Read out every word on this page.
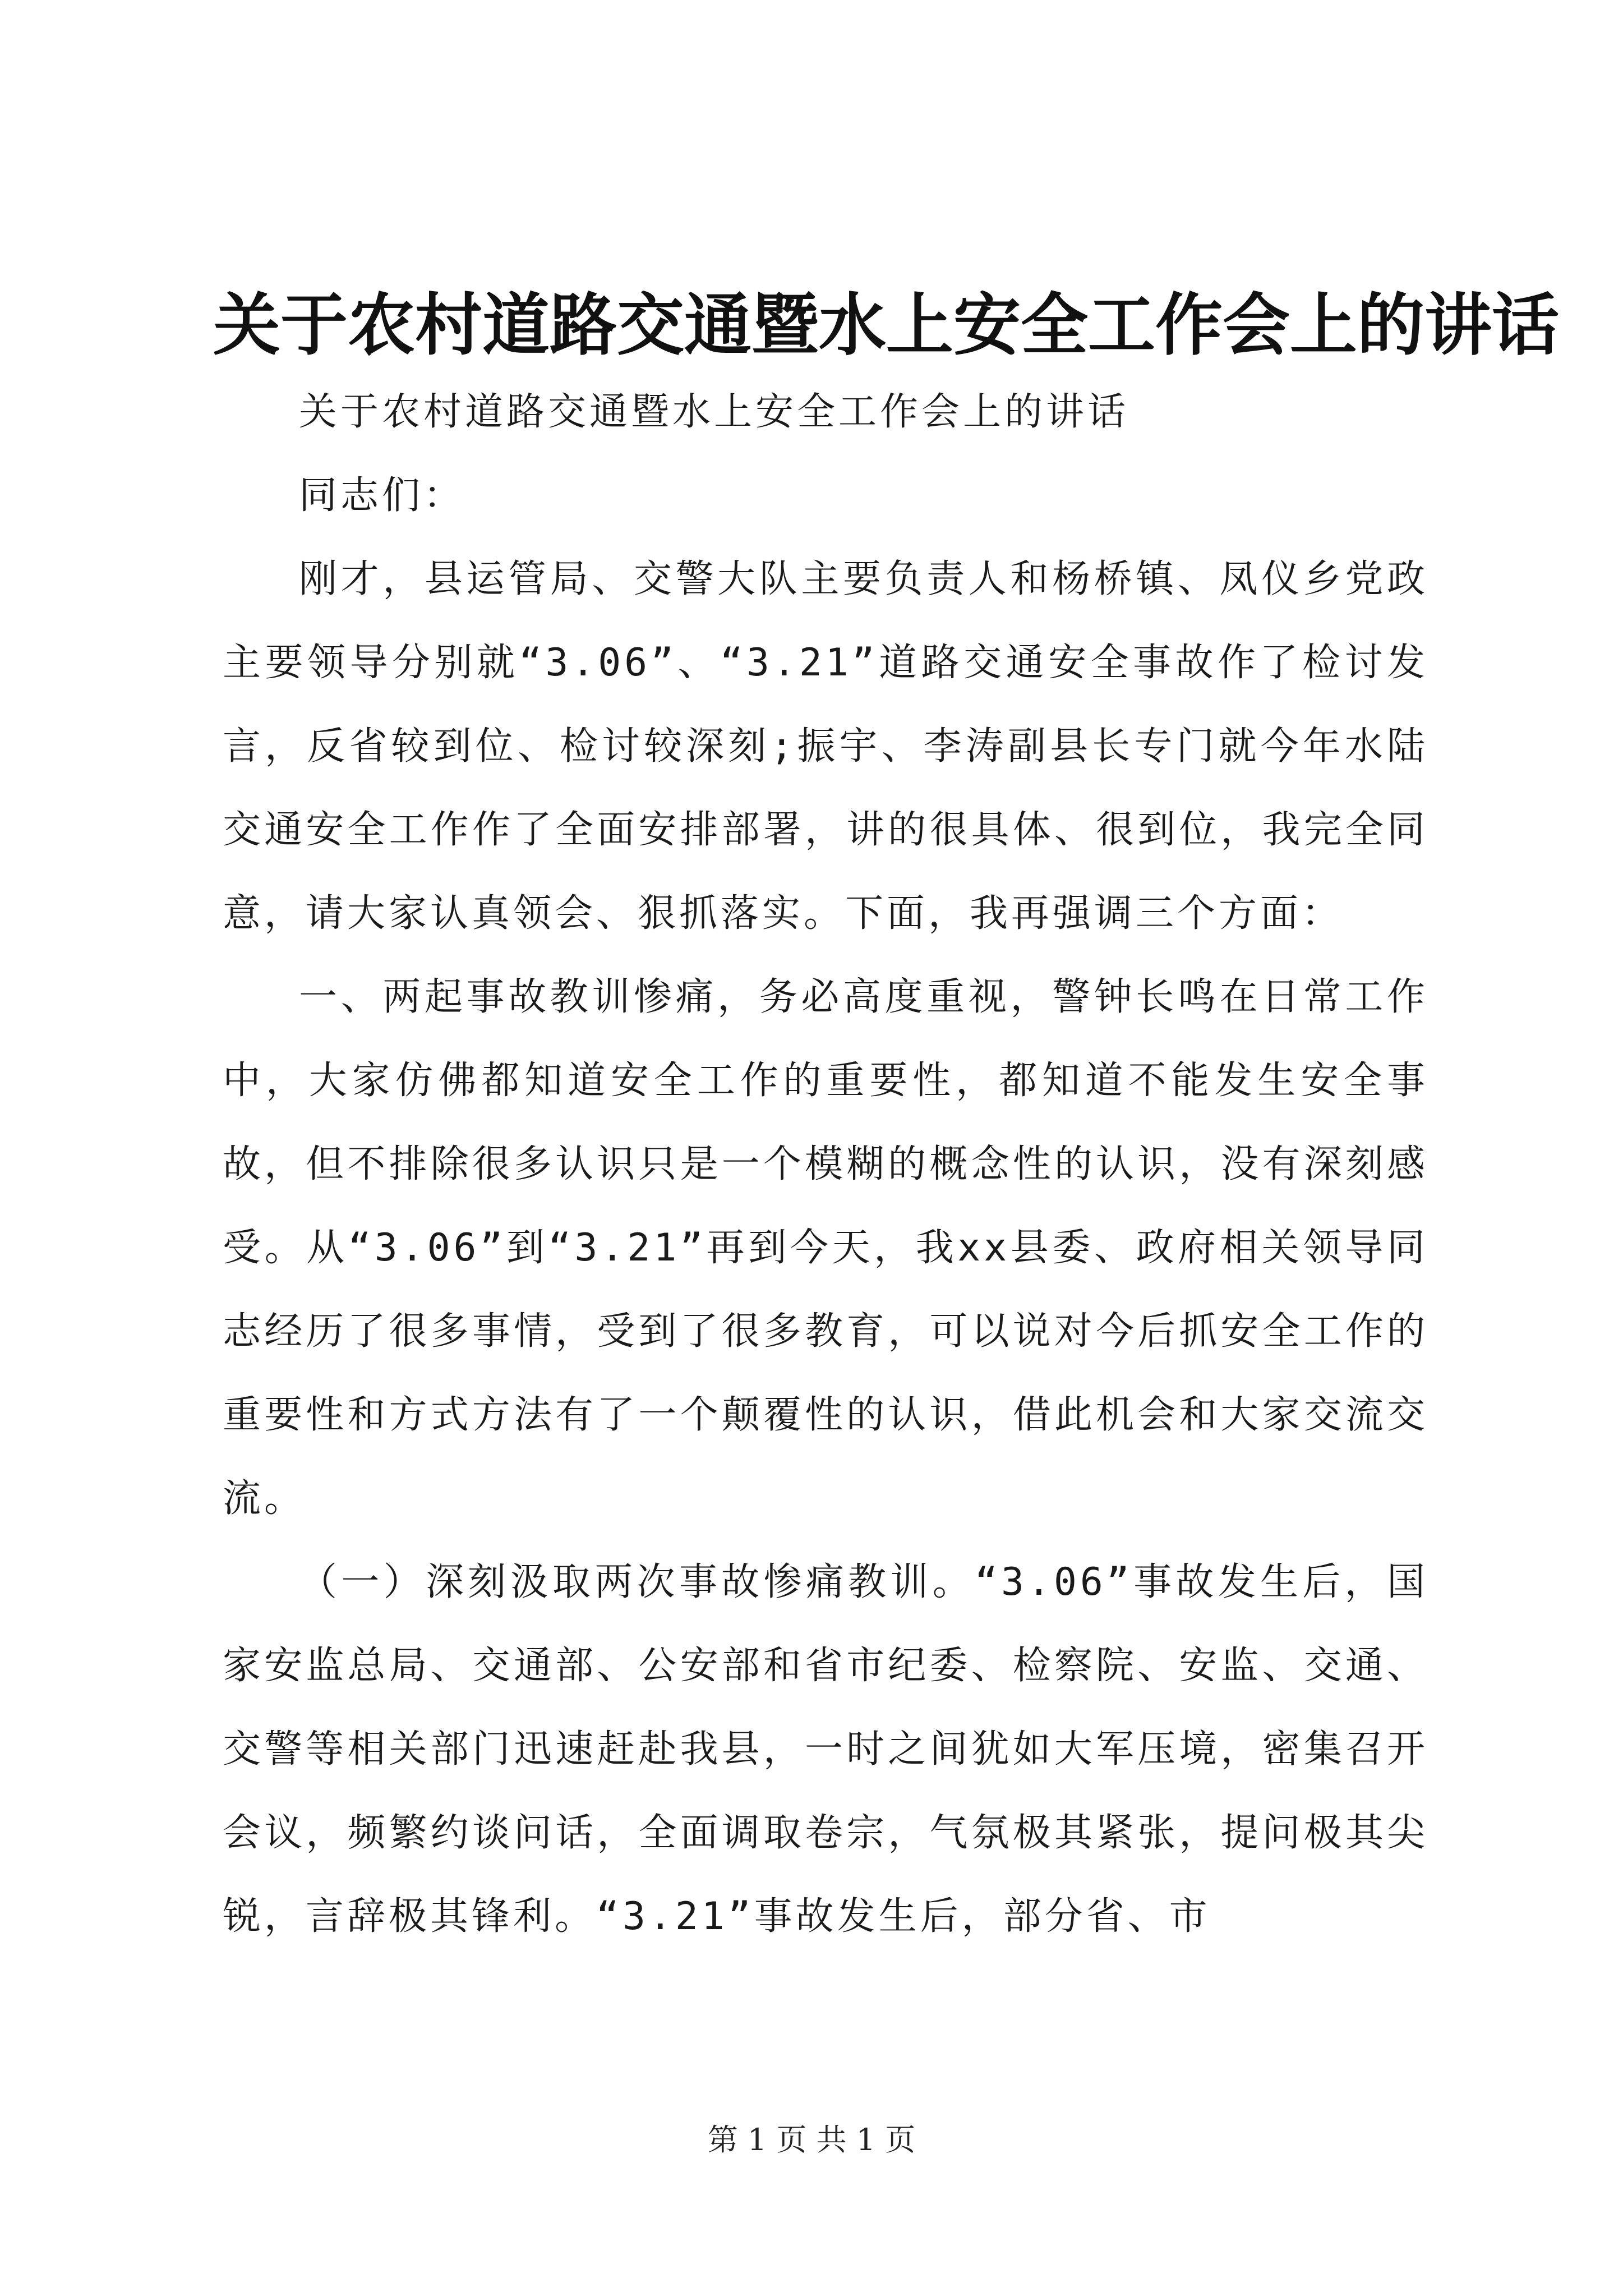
关于农村道路交通暨水上安全工作会上的讲话

关于农村道路交通暨水上安全工作会上的讲话

同志们：

刚才，县运管局、交警大队主要负责人和杨桥镇、凤仪乡党政主要领导分别就“3.06”、“3.21”道路交通安全事故作了检讨发言，反省较到位、检讨较深刻;振宇、李涛副县长专门就今年水陆交通安全工作作了全面安排部署，讲的很具体、很到位，我完全同意，请大家认真领会、狠抓落实。下面，我再强调三个方面：

一、两起事故教训惨痛，务必高度重视，警钟长鸣在日常工作中，大家仿佛都知道安全工作的重要性，都知道不能发生安全事故，但不排除很多认识只是一个模糊的概念性的认识，没有深刻感受。从“3.06”到“3.21”再到今天，我xx县委、政府相关领导同志经历了很多事情，受到了很多教育，可以说对今后抓安全工作的重要性和方式方法有了一个颠覆性的认识，借此机会和大家交流交流。

（一）深刻汲取两次事故惨痛教训。“3.06”事故发生后，国家安监总局、交通部、公安部和省市纪委、检察院、安监、交通、交警等相关部门迅速赶赴我县，一时之间犹如大军压境，密集召开会议，频繁约谈问话，全面调取卷宗，气氛极其紧张，提问极其尖锐，言辞极其锋利。“3.21”事故发生后，部分省、市

第 1 页 共 1 页
